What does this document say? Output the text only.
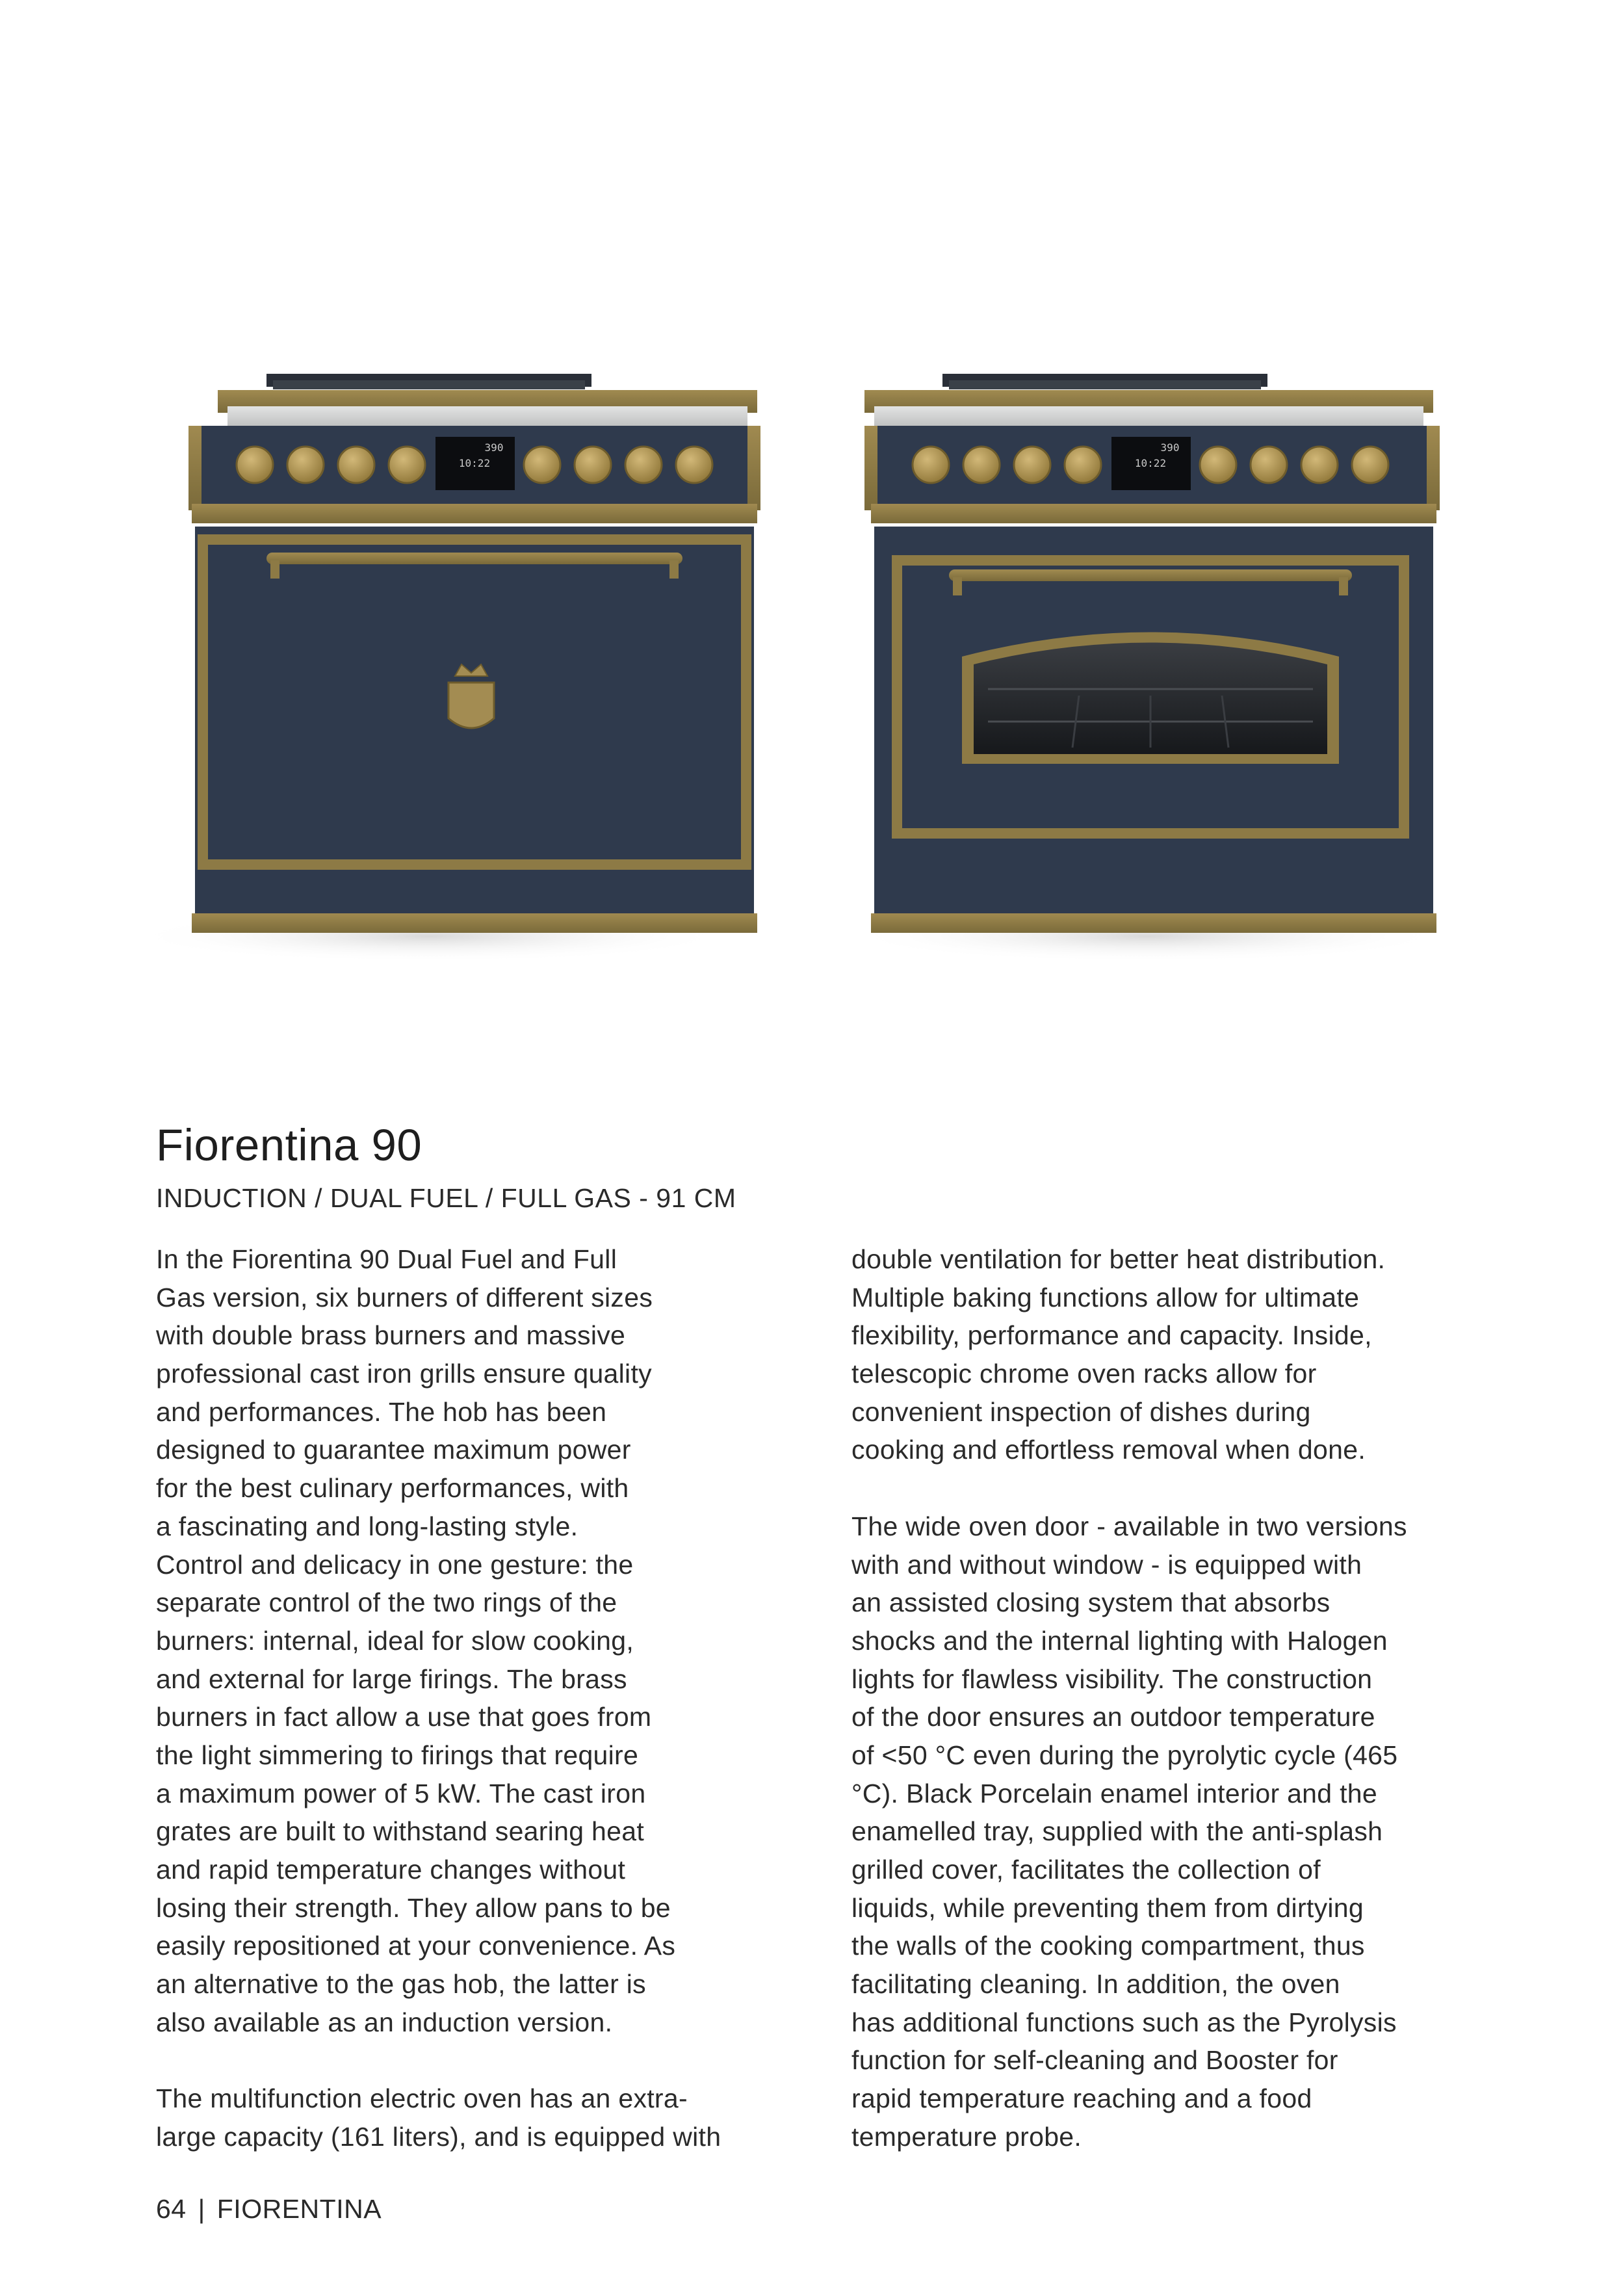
390
10:22
390
10:22
Fiorentina 90
INDUCTION / DUAL FUEL / FULL GAS - 91 CM
In the Fiorentina 90 Dual Fuel and Full
Gas version, six burners of different sizes
with double brass burners and massive
professional cast iron grills ensure quality
and performances. The hob has been
designed to guarantee maximum power
for the best culinary performances, with
a fascinating and long-lasting style.
Control and delicacy in one gesture: the
separate control of the two rings of the
burners: internal, ideal for slow cooking,
and external for large firings. The brass
burners in fact allow a use that goes from
the light simmering to firings that require
a maximum power of 5 kW. The cast iron
grates are built to withstand searing heat
and rapid temperature changes without
losing their strength. They allow pans to be
easily repositioned at your convenience. As
an alternative to the gas hob, the latter is
also available as an induction version.
The multifunction electric oven has an extra-
large capacity (161 liters), and is equipped with
double ventilation for better heat distribution.
Multiple baking functions allow for ultimate
flexibility, performance and capacity. Inside,
telescopic chrome oven racks allow for
convenient inspection of dishes during
cooking and effortless removal when done.
The wide oven door - available in two versions
with and without window - is equipped with
an assisted closing system that absorbs
shocks and the internal lighting with Halogen
lights for flawless visibility. The construction
of the door ensures an outdoor temperature
of <50 °C even during the pyrolytic cycle (465
°C). Black Porcelain enamel interior and the
enamelled tray, supplied with the anti-splash
grilled cover, facilitates the collection of
liquids, while preventing them from dirtying
the walls of the cooking compartment, thus
facilitating cleaning. In addition, the oven
has additional functions such as the Pyrolysis
function for self-cleaning and Booster for
rapid temperature reaching and a food
temperature probe.
64 | FIORENTINA
